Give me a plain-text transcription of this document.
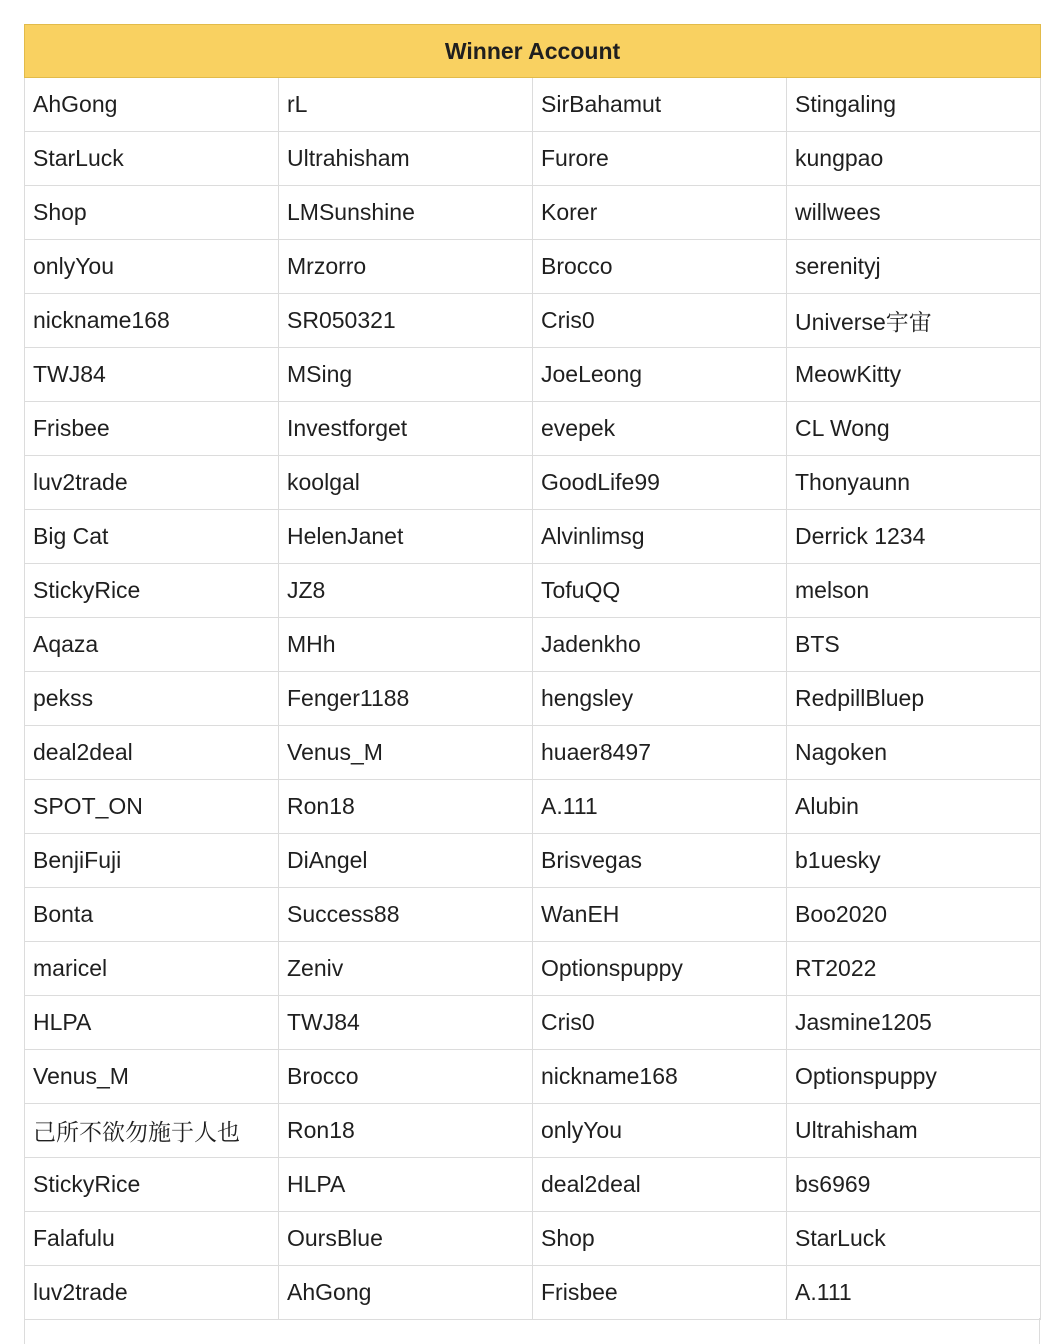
Winner Account			
AhGong	rL	SirBahamut	Stingaling
StarLuck	Ultrahisham	Furore	kungpao
Shop	LMSunshine	Korer	willwees
onlyYou	Mrzorro	Brocco	serenityj
nickname168	SR050321	Cris0	Universe宇宙
TWJ84	MSing	JoeLeong	MeowKitty
Frisbee	Investforget	evepek	CL Wong
luv2trade	koolgal	GoodLife99	Thonyaunn
Big Cat	HelenJanet	Alvinlimsg	Derrick 1234
StickyRice	JZ8	TofuQQ	melson
Aqaza	MHh	Jadenkho	BTS
pekss	Fenger1188	hengsley	RedpillBluep
deal2deal	Venus_M	huaer8497	Nagoken
SPOT_ON	Ron18	A.111	Alubin
BenjiFuji	DiAngel	Brisvegas	b1uesky
Bonta	Success88	WanEH	Boo2020
maricel	Zeniv	Optionspuppy	RT2022
HLPA	TWJ84	Cris0	Jasmine1205
Venus_M	Brocco	nickname168	Optionspuppy
己所不欲勿施于人也	Ron18	onlyYou	Ultrahisham
StickyRice	HLPA	deal2deal	bs6969
Falafulu	OursBlue	Shop	StarLuck
luv2trade	AhGong	Frisbee	A.111
